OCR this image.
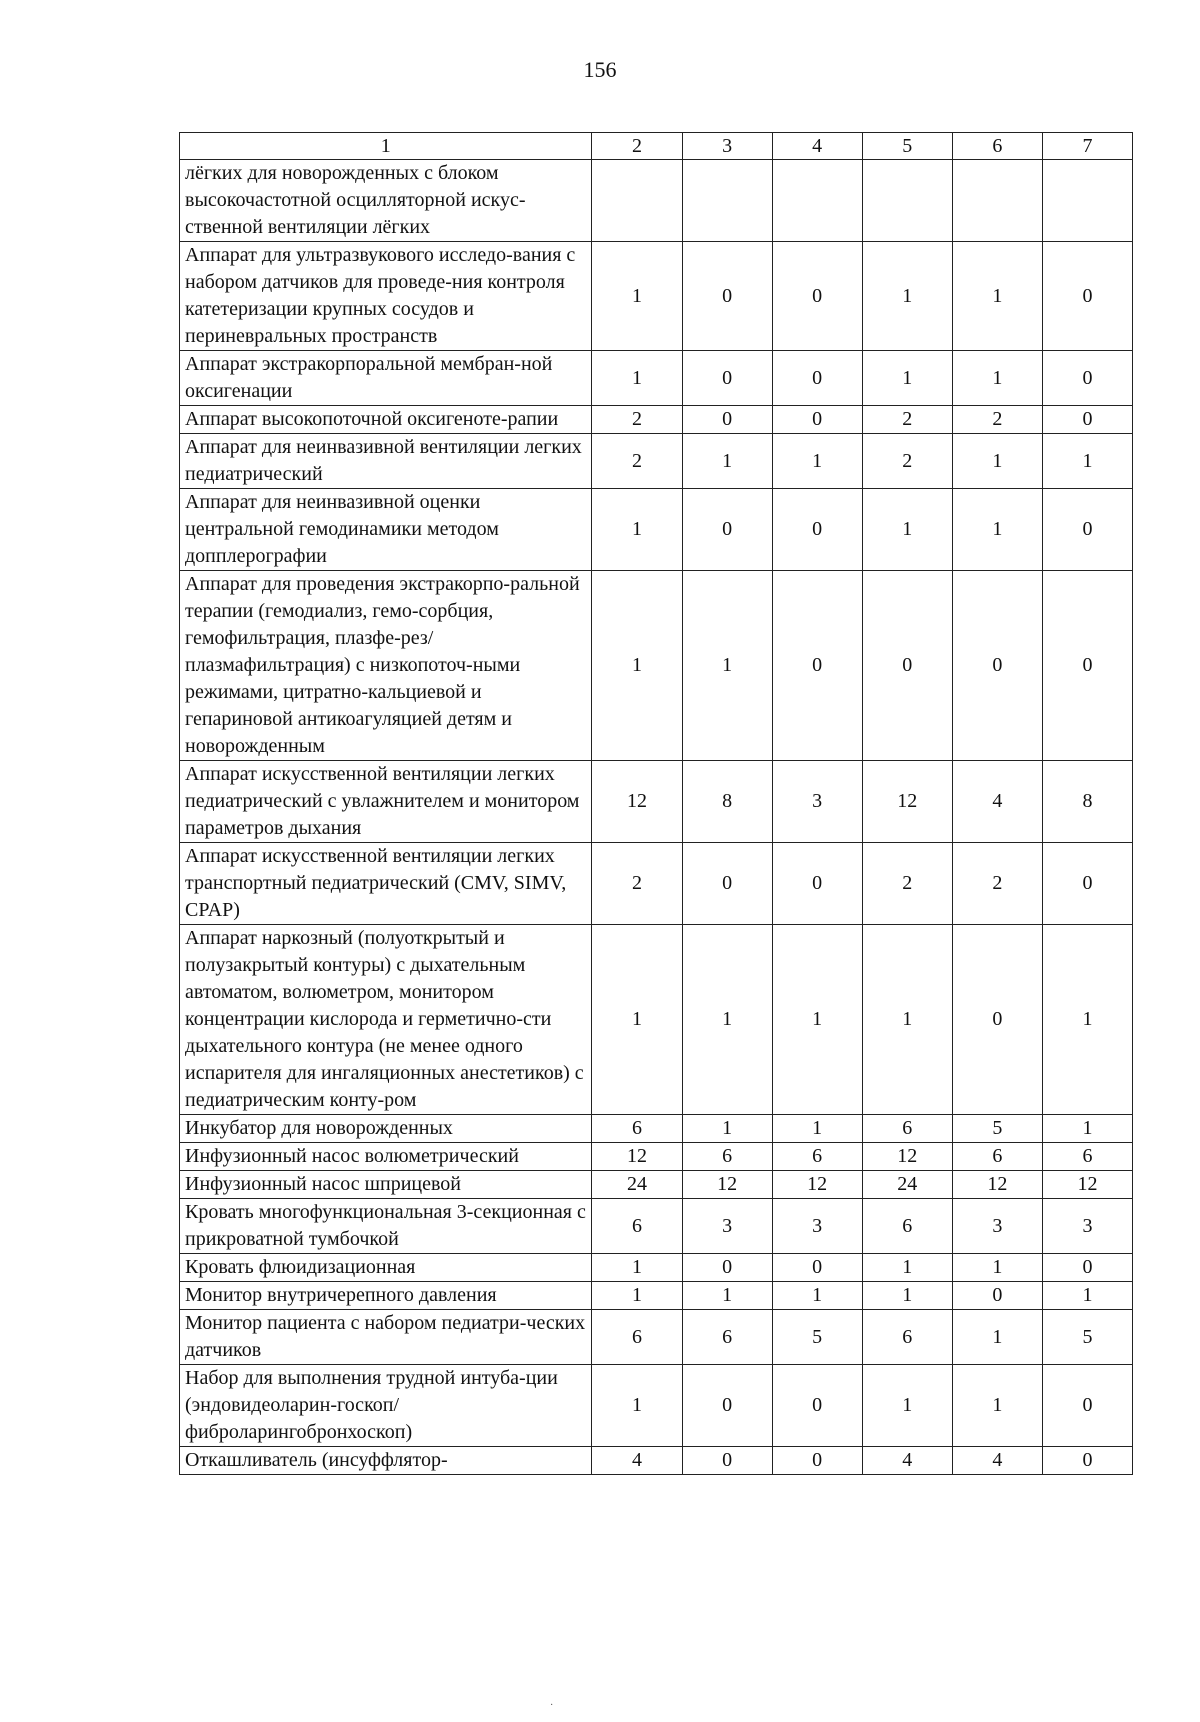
156
1	2	3	4	5	6	7
лёгких для новорожденных с блоком высокочастотной осцилляторной искус-ственной вентиляции лёгких						
Аппарат для ультразвукового исследо-вания с набором датчиков для проведе-ния контроля катетеризации крупных сосудов и периневральных пространств	1	0	0	1	1	0
Аппарат экстракорпоральной мембран-ной оксигенации	1	0	0	1	1	0
Аппарат высокопоточной оксигеноте-рапии	2	0	0	2	2	0
Аппарат для неинвазивной вентиляции легких педиатрический	2	1	1	2	1	1
Аппарат для неинвазивной оценки центральной гемодинамики методом допплерографии	1	0	0	1	1	0
Аппарат для проведения экстракорпо-ральной терапии (гемодиализ, гемо-сорбция, гемофильтрация, плазфе-рез/плазмафильтрация) с низкопоточ-ными режимами, цитратно-кальциевой и гепариновой антикоагуляцией детям и новорожденным	1	1	0	0	0	0
Аппарат искусственной вентиляции легких педиатрический с увлажнителем и монитором параметров дыхания	12	8	3	12	4	8
Аппарат искусственной вентиляции легких транспортный педиатрический (CMV, SIMV, CPAP)	2	0	0	2	2	0
Аппарат наркозный (полуоткрытый и полузакрытый контуры) с дыхательным автоматом, волюметром, монитором концентрации кислорода и герметично-сти дыхательного контура (не менее одного испарителя для ингаляционных анестетиков) с педиатрическим конту-ром	1	1	1	1	0	1
Инкубатор для новорожденных	6	1	1	6	5	1
Инфузионный насос волюметрический	12	6	6	12	6	6
Инфузионный насос шприцевой	24	12	12	24	12	12
Кровать многофункциональная 3-секционная с прикроватной тумбочкой	6	3	3	6	3	3
Кровать флюидизационная	1	0	0	1	1	0
Монитор внутричерепного давления	1	1	1	1	0	1
Монитор пациента с набором педиатри-ческих датчиков	6	6	5	6	1	5
Набор для выполнения трудной интуба-ции (эндовидеоларин-госкоп/фиброларингобронхоскоп)	1	0	0	1	1	0
Откашливатель (инсуффлятор-	4	0	0	4	4	0
·
